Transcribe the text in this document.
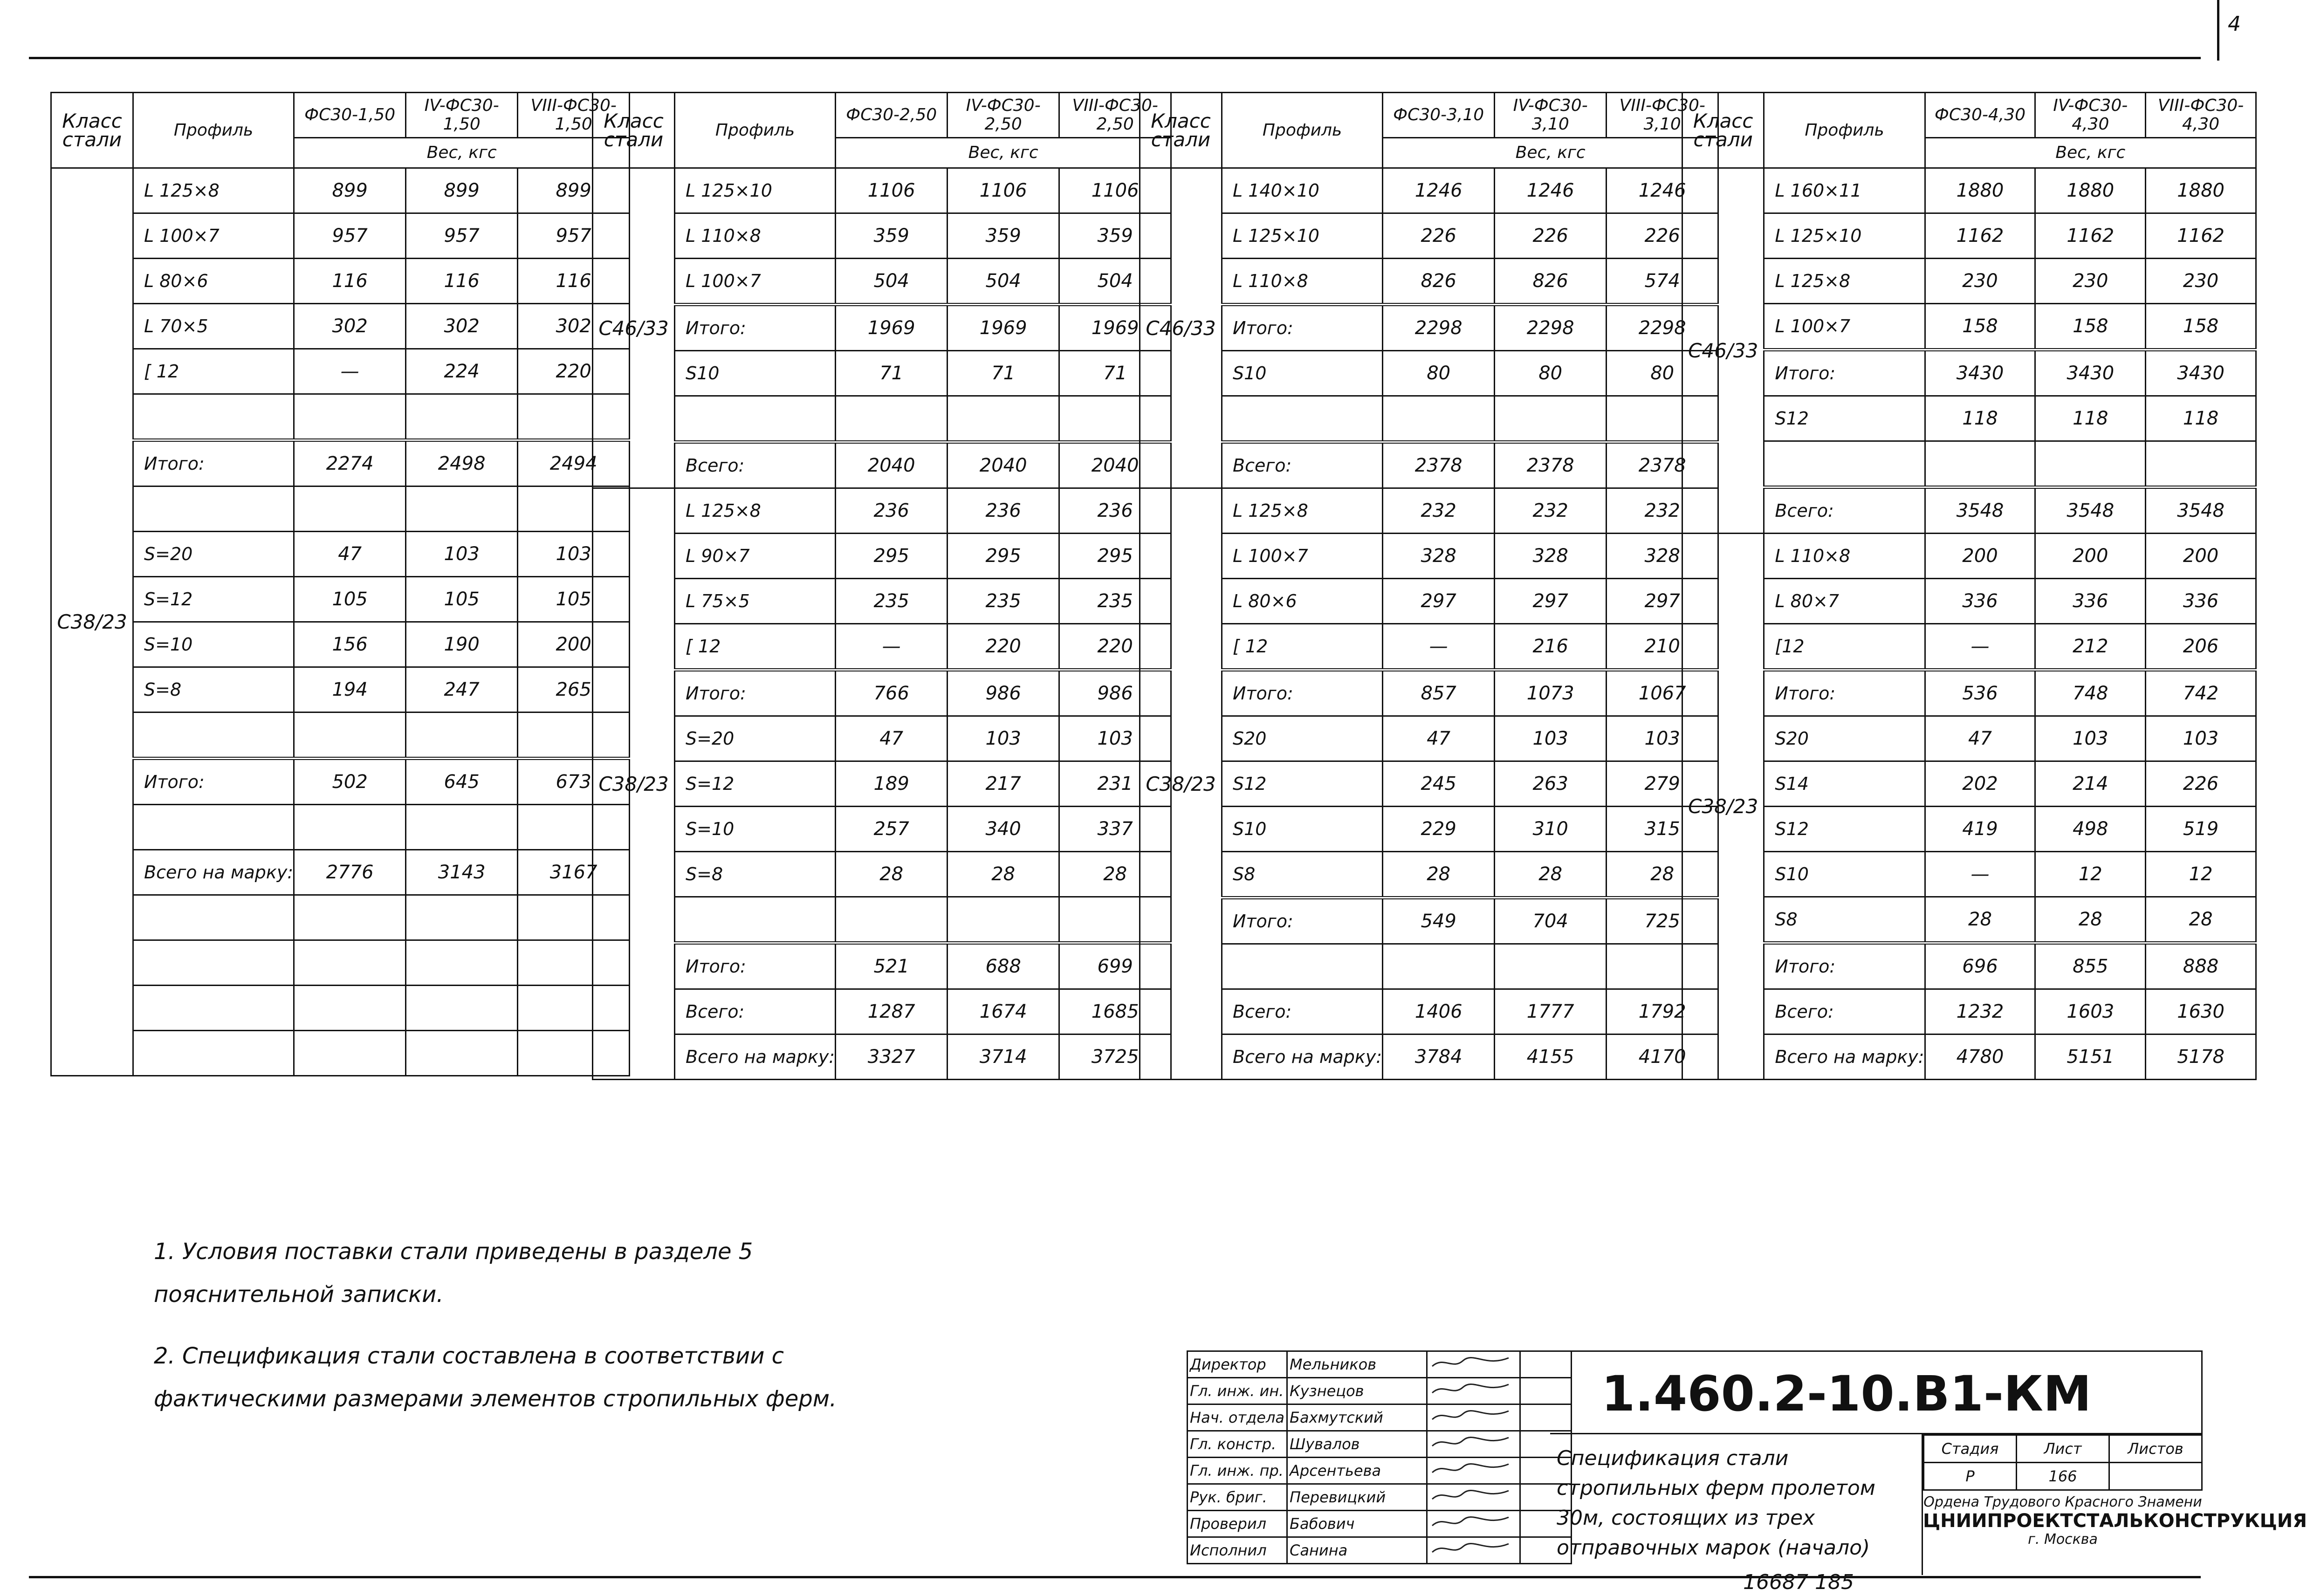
4
Класс стали	Профиль	ФС30-1,50	IV-ФС30-1,50	VIII-ФС30-1,50
		Вес, кгс		
С38/23	L 125×8	899	899	899
	L 100×7	957	957	957
	L 80×6	116	116	116
	L 70×5	302	302	302
	[ 12	—	224	220

	Итого:	2274	2498	2494

	S=20	47	103	103
	S=12	105	105	105
	S=10	156	190	200
	S=8	194	247	265

	Итого:	502	645	673

	Всего на марку:	2776	3143	3167

Класс стали	Профиль	ФС30-2,50	IV-ФС30-2,50	VIII-ФС30-2,50
		Вес, кгс		
С46/33	L 125×10	1106	1106	1106
	L 110×8	359	359	359
	L 100×7	504	504	504
	Итого:	1969	1969	1969
	S10	71	71	71

	Всего:	2040	2040	2040
С38/23	L 125×8	236	236	236
	L 90×7	295	295	295
	L 75×5	235	235	235
	[ 12	—	220	220
	Итого:	766	986	986
	S=20	47	103	103
	S=12	189	217	231
	S=10	257	340	337
	S=8	28	28	28

	Итого:	521	688	699
	Всего:	1287	1674	1685
	Всего на марку:	3327	3714	3725
Класс стали	Профиль	ФС30-3,10	IV-ФС30-3,10	VIII-ФС30-3,10
		Вес, кгс		
С46/33	L 140×10	1246	1246	1246
	L 125×10	226	226	226
	L 110×8	826	826	574
	Итого:	2298	2298	2298
	S10	80	80	80

	Всего:	2378	2378	2378
С38/23	L 125×8	232	232	232
	L 100×7	328	328	328
	L 80×6	297	297	297
	[ 12	—	216	210
	Итого:	857	1073	1067
	S20	47	103	103
	S12	245	263	279
	S10	229	310	315
	S8	28	28	28
	Итого:	549	704	725

	Всего:	1406	1777	1792
	Всего на марку:	3784	4155	4170
Класс стали	Профиль	ФС30-4,30	IV-ФС30-4,30	VIII-ФС30-4,30
		Вес, кгс		
С46/33	L 160×11	1880	1880	1880
	L 125×10	1162	1162	1162
	L 125×8	230	230	230
	L 100×7	158	158	158
	Итого:	3430	3430	3430
	S12	118	118	118

	Всего:	3548	3548	3548
С38/23	L 110×8	200	200	200
	L 80×7	336	336	336
	[12	—	212	206
	Итого:	536	748	742
	S20	47	103	103
	S14	202	214	226
	S12	419	498	519
	S10	—	12	12
	S8	28	28	28
	Итого:	696	855	888
	Всего:	1232	1603	1630
	Всего на марку:	4780	5151	5178

1. Условия поставки стали приведены в разделе 5 пояснительной записки.

2. Спецификация стали составлена в соответствии с фактическими размерами элементов стропильных ферм.

Директор	Мельников		
Гл. инж. ин.	Кузнецов		
Нач. отдела	Бахмутский		
Гл. констр.	Шувалов		
Гл. инж. пр.	Арсентьева		
Рук. бриг.	Перевицкий		
Проверил	Бабович		
Исполнил	Санина		
1.460.2-10.В1-КМ
Спецификация стали стропильных ферм пролетом 30м, состоящих из трех отправочных марок (начало)
Стадия	Лист	Листов
Р	166	
Ордена Трудового Красного Знамени
ЦНИИПРОЕКТСТАЛЬКОНСТРУКЦИЯ
г. Москва
16687 185
